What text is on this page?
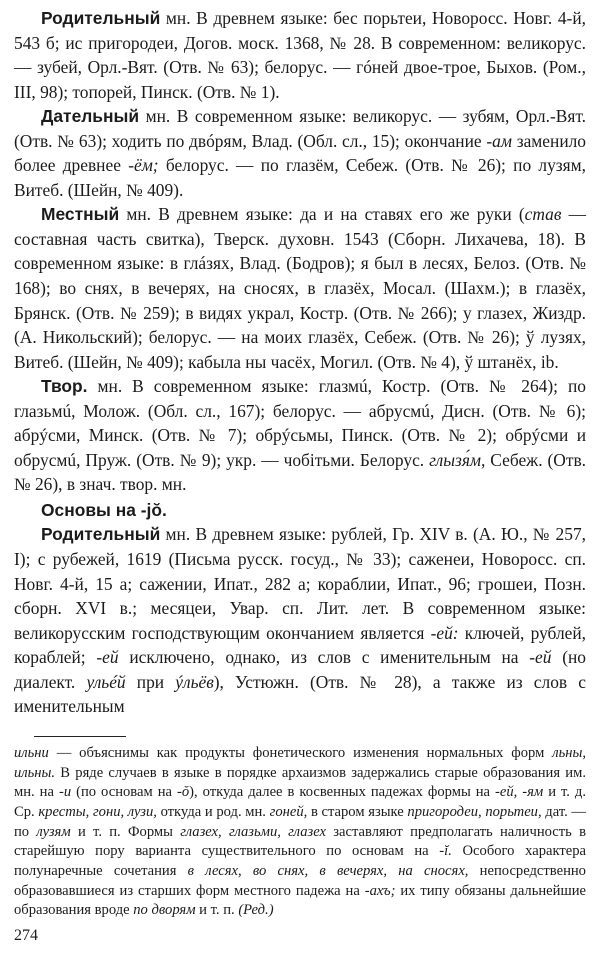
Родительный мн. В древнем языке: бес порьтеи, Новоросс. Новг. 4-й, 543 б; ис пригородеи, Догов. моск. 1368, № 28. В современном: великорус. — зубей, Орл.-Вят. (Отв. № 63); белорус. — гóней двое-трое, Быхов. (Ром., III, 98); топорей, Пинск. (Отв. № 1).

Дательный мн. В современном языке: великорус. — зубям, Орл.-Вят. (Отв. № 63); ходить по двóрям, Влад. (Обл. сл., 15); окончание -ам заменило более древнее -ём; белорус. — по глазём, Себеж. (Отв. № 26); по лузям, Витеб. (Шейн, № 409).

Местный мн. В древнем языке: да и на ставях его же руки (став — составная часть свитка), Тверск. духовн. 1543 (Сборн. Лихачева, 18). В современном языке: в глáзях, Влад. (Бодров); я был в лесях, Белоз. (Отв. № 168); во снях, в вечерях, на сносях, в глазёх, Мосал. (Шахм.); в глазёх, Брянск. (Отв. № 259); в видях украл, Костр. (Отв. № 266); у глазех, Жиздр. (А. Никольский); белорус. — на моих глазёх, Себеж. (Отв. № 26); ў лузях, Витеб. (Шейн, № 409); кабыла ны часёх, Могил. (Отв. № 4), ў штанёх, ib.

Твор. мн. В современном языке: глазмú, Костр. (Отв. № 264); по глазьмú, Молож. (Обл. сл., 167); белорус. — абрусмú, Дисн. (Отв. № 6); абрýсми, Минск. (Отв. № 7); обрýсьмы, Пинск. (Отв. № 2); обрýсми и обрусмú, Пруж. (Отв. № 9); укр. — чобітьми. Белорус. глызя́м, Себеж. (Отв. № 26), в знач. твор. мн.

Основы на -jŏ.

Родительный мн. В древнем языке: рублей, Гр. XIV в. (А. Ю., № 257, I); с рубежей, 1619 (Письма русск. госуд., № 33); саженеи, Новоросс. сп. Новг. 4-й, 15 а; сажении, Ипат., 282 а; кораблии, Ипат., 96; грошеи, Позн. сборн. XVI в.; месяцеи, Увар. сп. Лит. лет. В современном языке: великорусским господствующим окончанием является -ей: ключей, рублей, кораблей; -ей исключено, однако, из слов с именительным на -ей (но диалект. ульéй при ýльёв), Устюжн. (Отв. № 28), а также из слов с именительным

ильни — объяснимы как продукты фонетического изменения нормальных форм льны, ильны. В ряде случаев в языке в порядке архаизмов задержались старые образования им. мн. на -и (по основам на -ŏ), откуда далее в косвенных падежах формы на -ей, -ям и т. д. Ср. кресты, гони, лузи, откуда и род. мн. гоней, в старом языке пригородеи, порьтеи, дат. — по лузям и т. п. Формы глазех, глазьми, глазех заставляют предполагать наличность в старейшую пору варианта существительного по основам на -ĭ. Особого характера полунаречные сочетания в лесях, во снях, в вечерях, на сносях, непосредственно образовавшиеся из старших форм местного падежа на -ахъ; их типу обязаны дальнейшие образования вроде по дворям и т. п. (Ред.)

274
